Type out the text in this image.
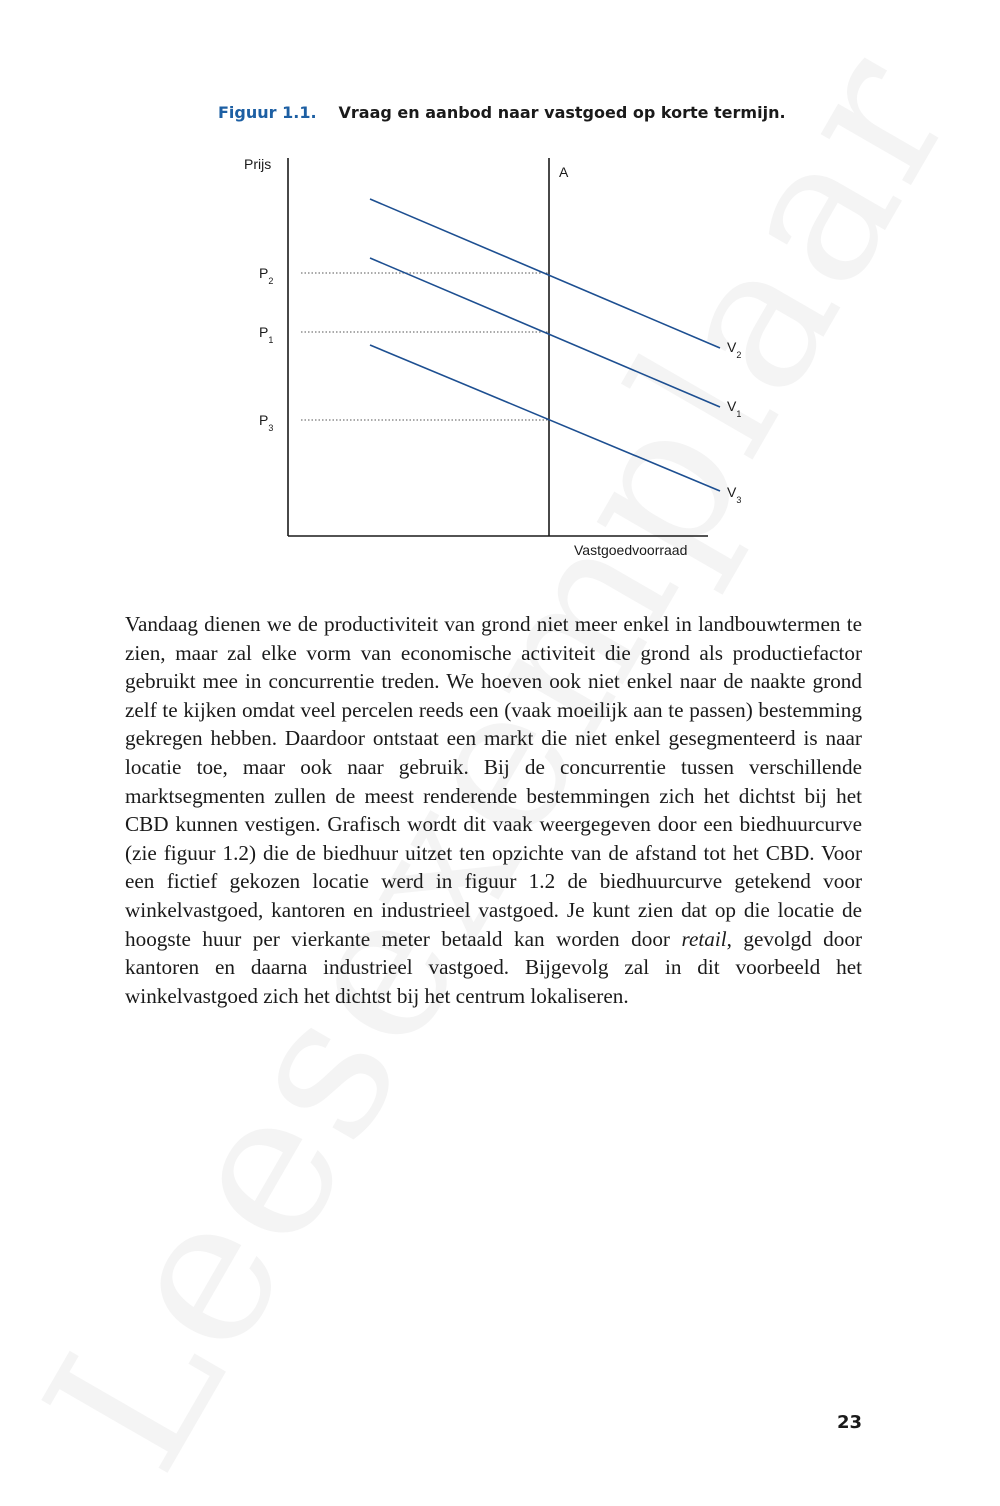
Figuur 1.1. Vraag en aanbod naar vastgoed op korte termijn.
Prijs	A
Vastgoedvoorraad
$P_2$
$P_1$
$P_3$
$V_2$
$V_1$
$V_3$

Vandaag dienen we de productiviteit van grond niet meer enkel in landbouwtermen te zien, maar zal elke vorm van economische activiteit die grond als productiefactor gebruikt mee in concurrentie treden. We hoeven ook niet enkel naar de naakte grond zelf te kijken omdat veel percelen reeds een (vaak moeilijk aan te passen) bestemming gekregen hebben. Daardoor ontstaat een markt die niet enkel gesegmenteerd is naar locatie toe, maar ook naar gebruik. Bij de concurrentie tussen verschillende marktsegmenten zullen de meest renderende bestemmingen zich het dichtst bij het CBD kunnen vestigen. Grafisch wordt dit vaak weergegeven door een biedhuurcurve (zie figuur 1.2) die de biedhuur uitzet ten opzichte van de afstand tot het CBD. Voor een fictief gekozen locatie werd in figuur 1.2 de biedhuurcurve getekend voor winkelvastgoed, kantoren en industrieel vastgoed. Je kunt zien dat op die locatie de hoogste huur per vierkante meter betaald kan worden door retail, gevolgd door kantoren en daarna industrieel vastgoed. Bijgevolg zal in dit voorbeeld het winkelvastgoed zich het dichtst bij het centrum lokaliseren.

23
